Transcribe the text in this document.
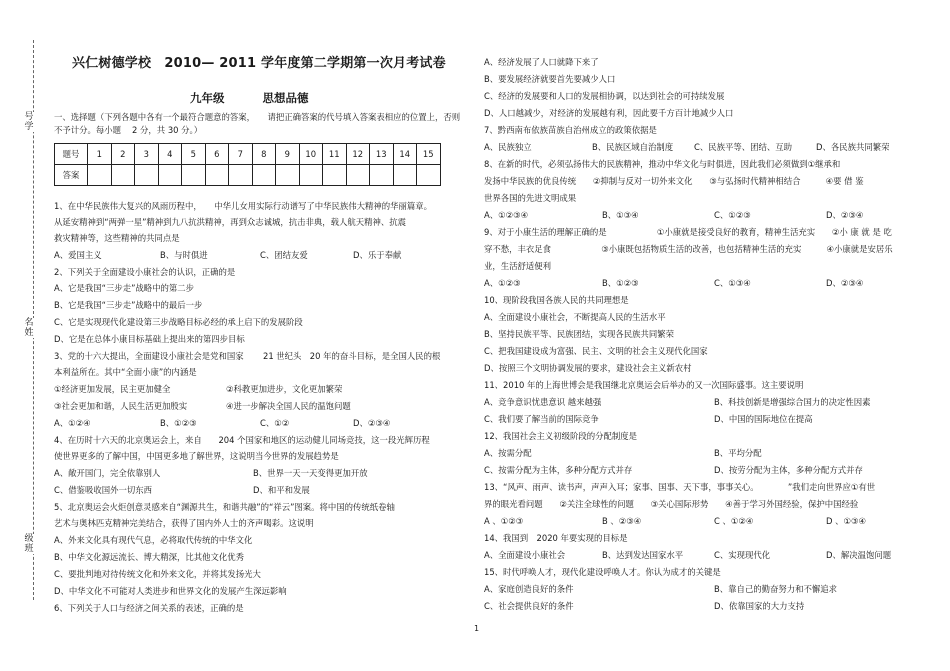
号学
名姓
级班
兴仁树德学校　2010— 2011 学年度第二学期第一次月考试卷
九年级	思想品德
一、选择题（下列各题中各有一个最符合题意的答案，　　请把正确答案的代号填入答案表相应的位置上，否则不予计分。每小题　 2 分，共 30 分。）
题号	1	2	3	4	5	6	7	8	9	10	11	12	13	14	15
答案															
1、在中华民族伟大复兴的风雨历程中，　　中华儿女用实际行动谱写了中华民族伟大精神的华丽篇章。
从延安精神到“两弹一星”精神到九八抗洪精神，再到众志诚城，抗击非典，载人航天精神、抗震
救灾精神等，这些精神的共同点是
A、爱国主义	B、与时俱进	C、团结友爱	D、乐于奉献
2、下列关于全面建设小康社会的认识，正确的是
A、它是我国“三步走”战略中的第二步
B、它是我国“三步走”战略中的最后一步
C、它是实现现代化建设第三步战略目标必经的承上启下的发展阶段
D、它是在总体小康目标基础上提出来的第四步目标
3、党的十六大提出，全面建设小康社会是党和国家　　 21 世纪头　20 年的奋斗目标，是全国人民的根
本利益所在。其中“全面小康”的内涵是
①经济更加发展，民主更加健全	②科教更加进步，文化更加繁荣
③社会更加和谐，人民生活更加殷实	④进一步解决全国人民的温饱问题
A、①②④	B、①②③	C、①②	D、②③④
4、在历时十六天的北京奥运会上，来自　　204 个国家和地区的运动健儿同场竞技，这一段光辉历程
使世界更多的了解中国，中国更多地了解世界，这说明当今世界的发展趋势是
A、敞开国门，完全依靠别人	B、世界一天一天变得更加开放
C、借鉴吸收国外一切东西	D、和平和发展
5、北京奥运会火炬创意灵感来自“渊源共生，和谐共融”的“祥云”图案。将中国的传统纸卷轴
艺术与奥林匹克精神完美结合，获得了国内外人士的齐声喝彩。这说明
A、外来文化具有现代气息，必将取代传统的中华文化
B、中华文化源远流长、博大精深，比其他文化优秀
C、要批判地对待传统文化和外来文化，并将其发扬光大
D、中华文化不可能对人类进步和世界文化的发展产生深远影响
6、下列关于人口与经济之间关系的表述，正确的是
A、经济发展了人口就降下来了
B、要发展经济就要首先要减少人口
C、经济的发展要和人口的发展相协调，以达到社会的可持续发展
D、人口越减少，对经济的发展越有利，因此要千方百计地减少人口
7、黔西南布依族苗族自治州成立的政策依据是
A、民族独立	B、民族区域自治制度 C、民族平等、团结、互助	D、各民族共同繁荣
8、在新的时代，必须弘扬伟大的民族精神，推动中华文化与时俱进，因此我们必须做到①继承和
发扬中华民族的优良传统　　②抑制与反对一切外来文化　　③与弘扬时代精神相结合　　　④要 借 鉴
世界各国的先进文明成果
A、①②③④	B、①③④	C、①②③	D、②③④
9、对于小康生活的理解正确的是　　　　　　①小康就是接受良好的教育，精神生活充实　　②小 康 就 是 吃
穿不愁，丰衣足食　　　　　　③小康既包括物质生活的改善，也包括精神生活的充实　　　④小康就是安居乐
业，生活舒适便利
A、①②③	B、①②③	C、①③④	D、②③④
10、现阶段我国各族人民的共同理想是
A、全面建设小康社会，不断提高人民的生活水平
B、坚持民族平等、民族团结，实现各民族共同繁荣
C、把我国建设成为富强、民主、文明的社会主义现代化国家
D、按照三个文明协调发展的要求，建设社会主义新农村
11、2010 年的上海世博会是我国继北京奥运会后举办的又一次国际盛事。这主要说明
A、竞争意识忧患意识 越来越强	B、科技创新是增强综合国力的决定性因素
C、我们要了解当前的国际竞争	D、中国的国际地位在提高
12、我国社会主义初级阶段的分配制度是
A、按需分配	B、平均分配
C、按需分配为主体，多种分配方式并存	D、按劳分配为主体，多种分配方式并存
13、“风声、雨声、读书声，声声入耳；家事、国事、天下事，事事关心。　　　　”我们走向世界应①有世
界的眼光看问题　　②关注全球性的问题　　③关心国际形势　　④善于学习外国经验，保护中国经验
A 、①②③	B 、②③④	C 、①②④	D 、①③④
14、我国到　2020 年要实现的目标是
A、全面建设小康社会	B、达到发达国家水平	C、实现现代化	D、解决温饱问题
15、时代呼唤人才，现代化建设呼唤人才。你认为成才的关键是
A、家庭创造良好的条件	B、靠自己的勤奋努力和不懈追求
C、社会提供良好的条件	D、依靠国家的大力支持
1
